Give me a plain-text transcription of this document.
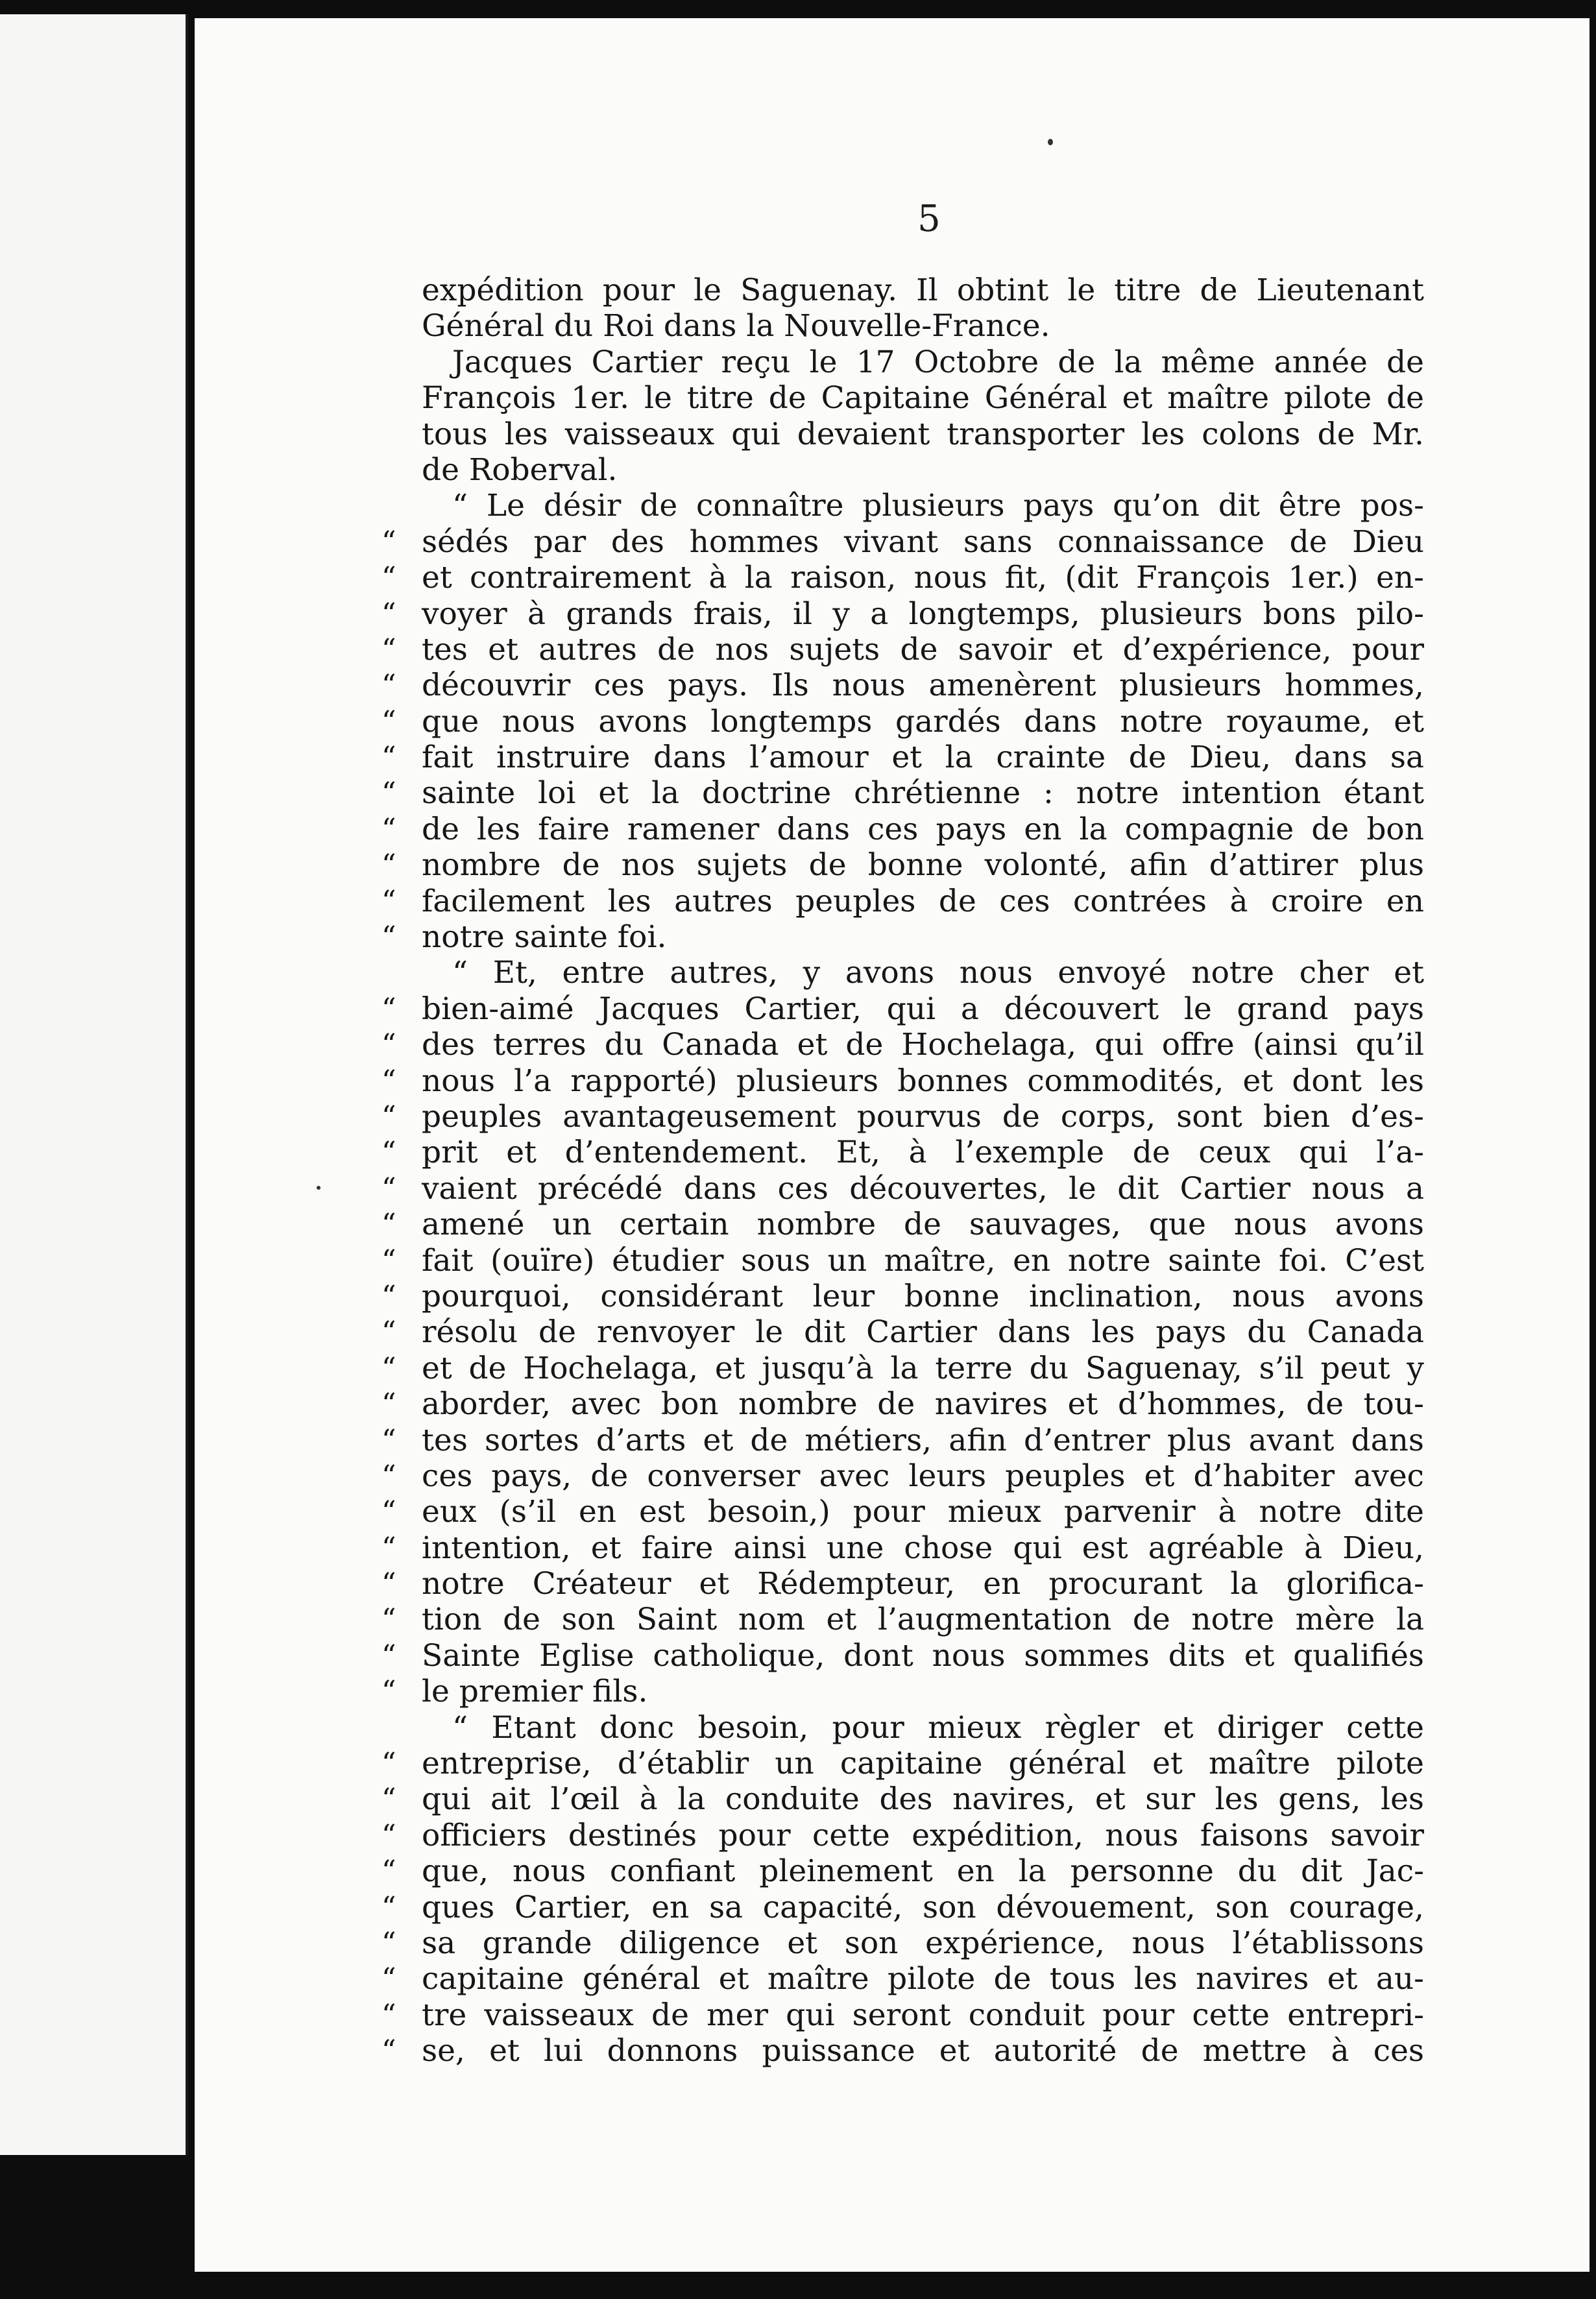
5
expédition pour le Saguenay. Il obtint le titre de Lieutenant
Général du Roi dans la Nouvelle-France.
 Jacques Cartier reçu le 17 Octobre de la même année de
François 1er. le titre de Capitaine Général et maître pilote de
tous les vaisseaux qui devaient transporter les colons de Mr.
de Roberval.
 “ Le désir de connaître plusieurs pays qu’on dit être pos-
“ sédés par des hommes vivant sans connaissance de Dieu
“ et contrairement à la raison, nous fit, (dit François 1er.) en-
“ voyer à grands frais, il y a longtemps, plusieurs bons pilo-
“ tes et autres de nos sujets de savoir et d’expérience, pour
“ découvrir ces pays. Ils nous amenèrent plusieurs hommes,
“ que nous avons longtemps gardés dans notre royaume, et
“ fait instruire dans l’amour et la crainte de Dieu, dans sa
“ sainte loi et la doctrine chrétienne : notre intention étant
“ de les faire ramener dans ces pays en la compagnie de bon
“ nombre de nos sujets de bonne volonté, afin d’attirer plus
“ facilement les autres peuples de ces contrées à croire en
“ notre sainte foi.
 “ Et, entre autres, y avons nous envoyé notre cher et
“ bien-aimé Jacques Cartier, qui a découvert le grand pays
“ des terres du Canada et de Hochelaga, qui offre (ainsi qu’il
“ nous l’a rapporté) plusieurs bonnes commodités, et dont les
“ peuples avantageusement pourvus de corps, sont bien d’es-
“ prit et d’entendement. Et, à l’exemple de ceux qui l’a-
“ vaient précédé dans ces découvertes, le dit Cartier nous a
“ amené un certain nombre de sauvages, que nous avons
“ fait (ouïre) étudier sous un maître, en notre sainte foi. C’est
“ pourquoi, considérant leur bonne inclination, nous avons
“ résolu de renvoyer le dit Cartier dans les pays du Canada
“ et de Hochelaga, et jusqu’à la terre du Saguenay, s’il peut y
“ aborder, avec bon nombre de navires et d’hommes, de tou-
“ tes sortes d’arts et de métiers, afin d’entrer plus avant dans
“ ces pays, de converser avec leurs peuples et d’habiter avec
“ eux (s’il en est besoin,) pour mieux parvenir à notre dite
“ intention, et faire ainsi une chose qui est agréable à Dieu,
“ notre Créateur et Rédempteur, en procurant la glorifica-
“ tion de son Saint nom et l’augmentation de notre mère la
“ Sainte Eglise catholique, dont nous sommes dits et qualifiés
“ le premier fils.
 “ Etant donc besoin, pour mieux règler et diriger cette
“ entreprise, d’établir un capitaine général et maître pilote
“ qui ait l’œil à la conduite des navires, et sur les gens, les
“ officiers destinés pour cette expédition, nous faisons savoir
“ que, nous confiant pleinement en la personne du dit Jac-
“ ques Cartier, en sa capacité, son dévouement, son courage,
“ sa grande diligence et son expérience, nous l’établissons
“ capitaine général et maître pilote de tous les navires et au-
“ tre vaisseaux de mer qui seront conduit pour cette entrepri-
“ se, et lui donnons puissance et autorité de mettre à ces
